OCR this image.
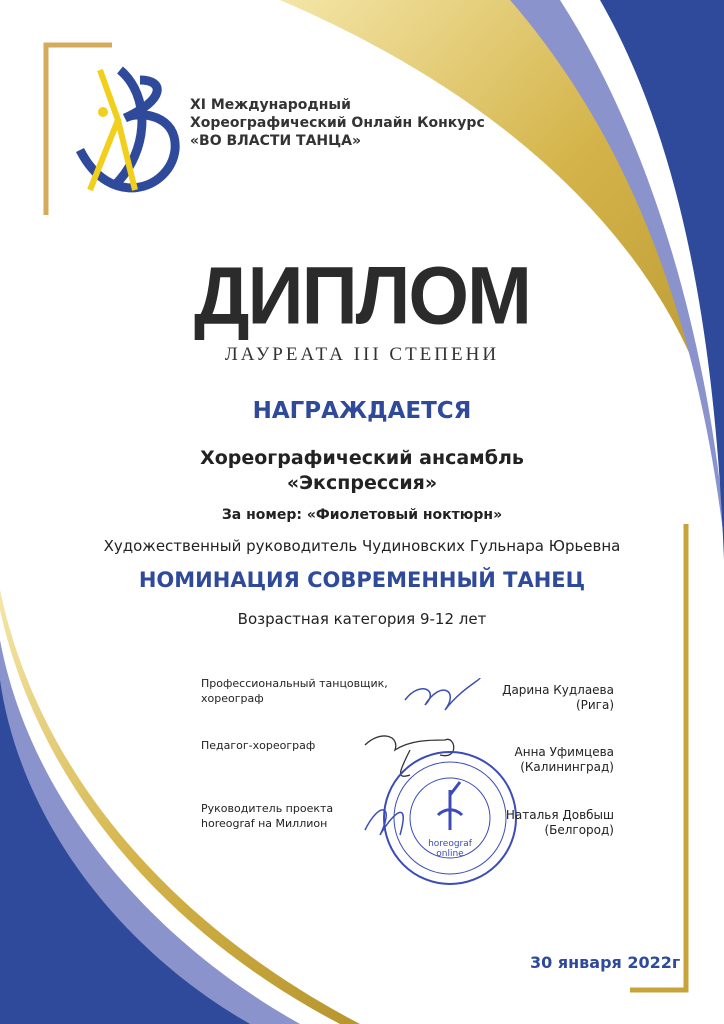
horeograf
online
XI Международный
Хореографический Онлайн Конкурс
«ВО ВЛАСТИ ТАНЦА»
ДИПЛОМ
ЛАУРЕАТА III СТЕПЕНИ
НАГРАЖДАЕТСЯ
Хореографический ансамбль
«Экспрессия»
За номер: «Фиолетовый ноктюрн»
Художественный руководитель Чудиновских Гульнара Юрьевна
НОМИНАЦИЯ СОВРЕМЕННЫЙ ТАНЕЦ
Возрастная категория 9-12 лет
Профессиональный танцовщик,
хореограф
Дарина Кудлаева
(Рига)
Педагог-хореограф	Анна Уфимцева
(Калининград)
Руководитель проекта
horeograf на Миллион
Наталья Довбыш
(Белгород)
30 января 2022г
